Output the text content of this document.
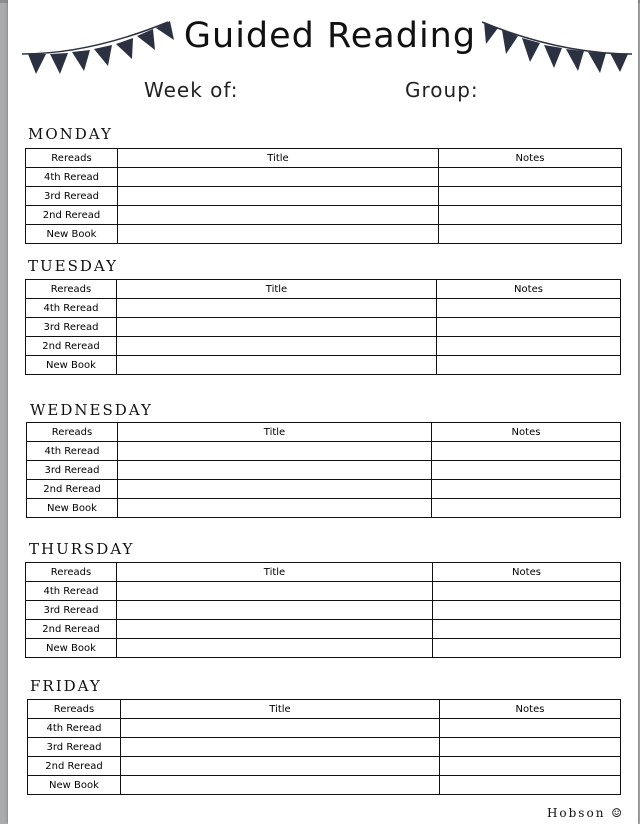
Guided Reading
Week of:	Group:
MONDAY
Rereads	Title	Notes
4th Reread		
3rd Reread		
2nd Reread		
New Book		
TUESDAY
Rereads	Title	Notes
4th Reread		
3rd Reread		
2nd Reread		
New Book		
WEDNESDAY
Rereads	Title	Notes
4th Reread		
3rd Reread		
2nd Reread		
New Book		
THURSDAY
Rereads	Title	Notes
4th Reread		
3rd Reread		
2nd Reread		
New Book		
FRIDAY
Rereads	Title	Notes
4th Reread		
3rd Reread		
2nd Reread		
New Book		
Hobson ☺
